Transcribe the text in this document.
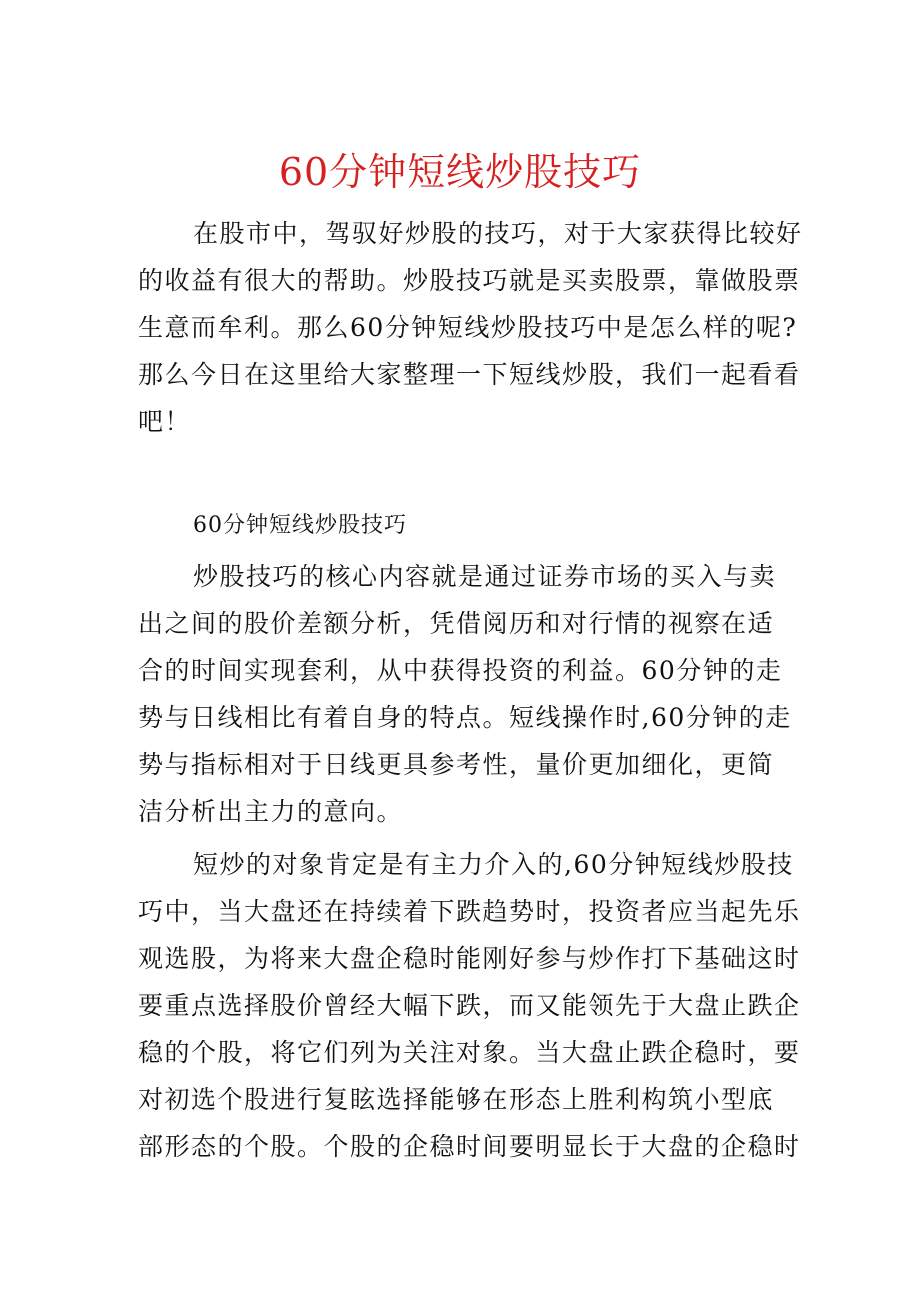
60分钟短线炒股技巧
在股市中，驾驭好炒股的技巧，对于大家获得比较好
的收益有很大的帮助。炒股技巧就是买卖股票，靠做股票
生意而牟利。那么60分钟短线炒股技巧中是怎么样的呢?
那么今日在这里给大家整理一下短线炒股，我们一起看看
吧！
60分钟短线炒股技巧
炒股技巧的核心内容就是通过证券市场的买入与卖
出之间的股价差额分析，凭借阅历和对行情的视察在适
合的时间实现套利，从中获得投资的利益。60分钟的走
势与日线相比有着自身的特点。短线操作时,60分钟的走
势与指标相对于日线更具参考性，量价更加细化，更简
洁分析出主力的意向。
短炒的对象肯定是有主力介入的,60分钟短线炒股技
巧中，当大盘还在持续着下跌趋势时，投资者应当起先乐
观选股，为将来大盘企稳时能刚好参与炒作打下基础这时
要重点选择股价曾经大幅下跌，而又能领先于大盘止跌企
稳的个股，将它们列为关注对象。当大盘止跌企稳时，要
对初选个股进行复眩选择能够在形态上胜利构筑小型底
部形态的个股。个股的企稳时间要明显长于大盘的企稳时
